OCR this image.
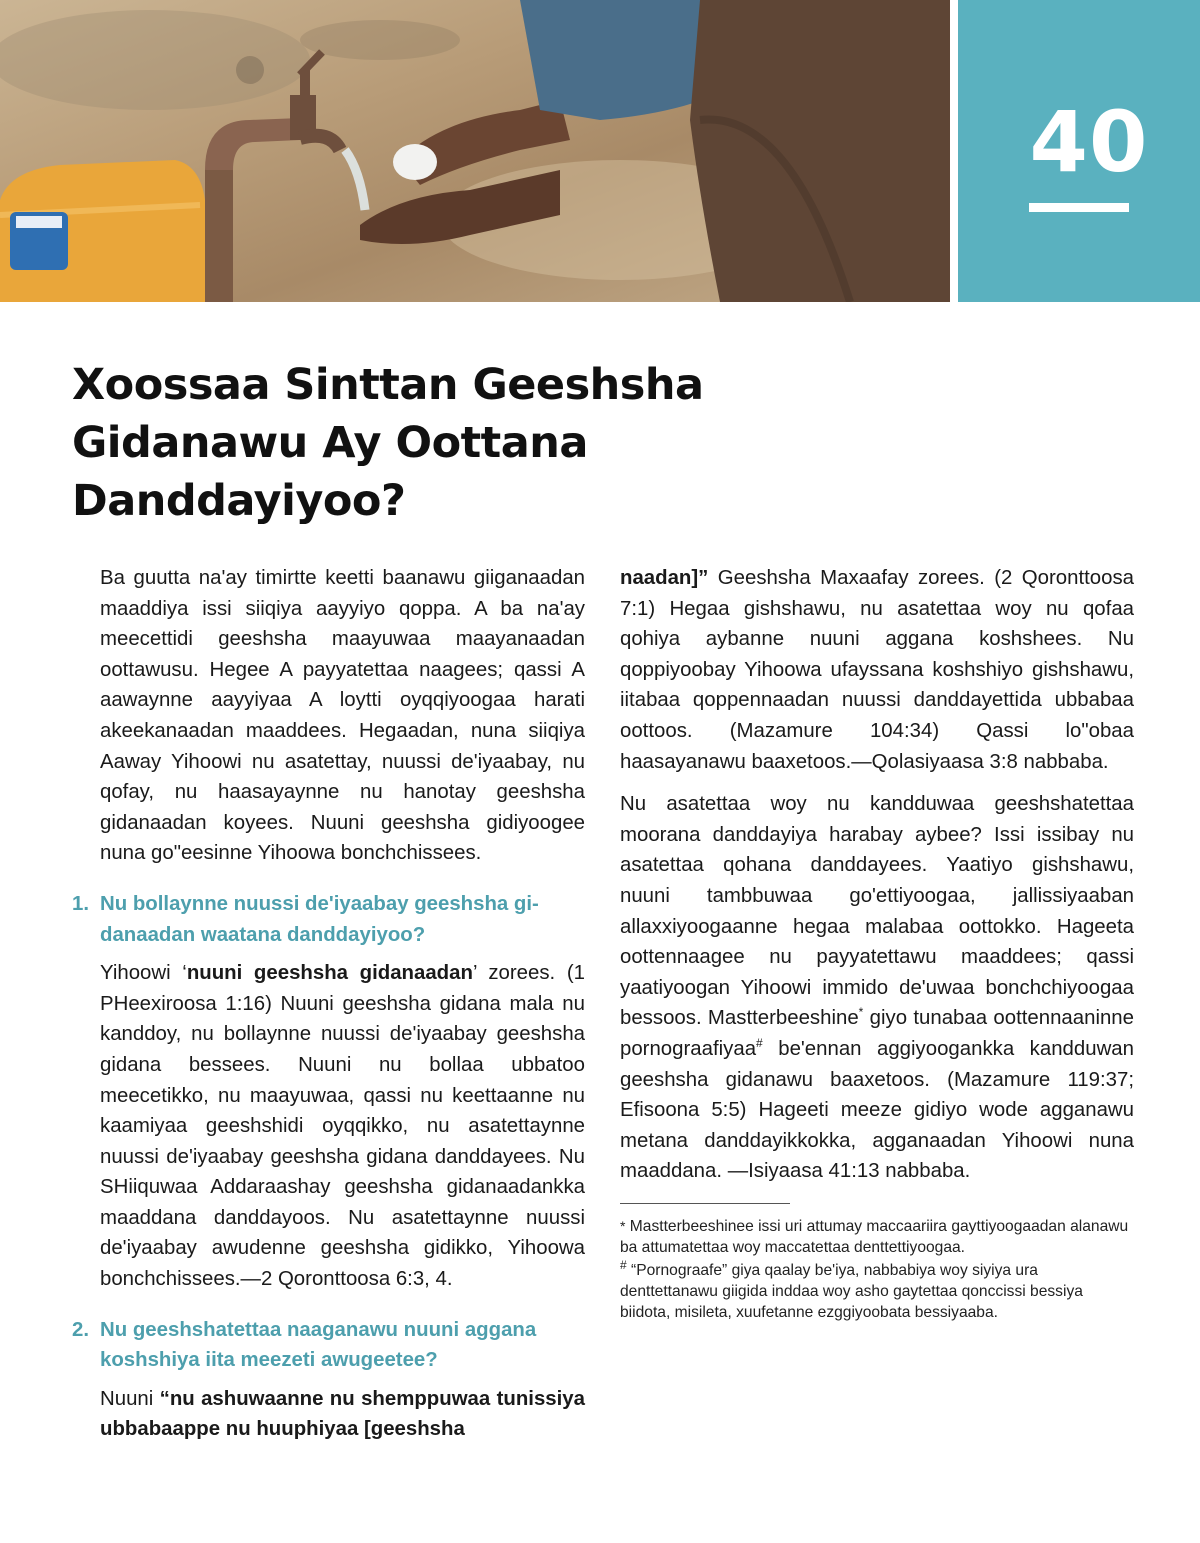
40
Xoossaa Sinttan Geeshsha
Gidanawu Ay Oottana
Danddayiyoo?

Ba guutta na'ay timirtte keetti baanawu giiganaadan maaddiya issi siiqiya aayyiyo qoppa. A ba na'ay meecettidi geeshsha maayuwaa maayanaadan oottawusu. Hegee A payyatettaa naagees; qassi A aawaynne aayyiyaa A loytti oyqqiyoogaa harati akeekanaadan maaddees. Hegaadan, nuna siiqiya Aaway Yihoowi nu asatettay, nuussi de'iyaabay, nu qofay, nu haasayaynne nu hanotay geeshsha gidanaadan koyees. Nuuni geeshsha gidiyoogee nuna go"eesinne Yihoowa bonchchissees.

1. Nu bollaynne nuussi de'iyaabay geeshsha gidanaadan waatana danddayiyoo?

Yihoowi ‘nuuni geeshsha gidanaadan’ zorees. (1 PHeexiroosa 1:16) Nuuni geeshsha gidana mala nu kanddoy, nu bollaynne nuussi de'iyaabay geeshsha gidana bessees. Nuuni nu bollaa ubbatoo meecetikko, nu maayuwaa, qassi nu keettaanne nu kaamiyaa geeshshidi oyqqikko, nu asatettaynne nuussi de'iyaabay geeshsha gidana danddayees. Nu SHiiquwaa Addaraashay geeshsha gidanaadankka maaddana danddayoos. Nu asatettaynne nuussi de'iyaabay awudenne geeshsha gidikko, Yihoowa bonchchissees.—2 Qoronttoosa 6:3, 4.

2. Nu geeshshatettaa naaganawu nuuni aggana koshshiya iita meezeti awugeetee?

Nuuni “nu ashuwaanne nu shemppuwaa tunissiya ubbabaappe nu huuphiyaa [geeshsha

naadan]” Geeshsha Maxaafay zorees. (2 Qoronttoosa 7:1) Hegaa gishshawu, nu asatettaa woy nu qofaa qohiya aybanne nuuni aggana koshshees. Nu qoppiyoobay Yihoowa ufayssana koshshiyo gishshawu, iitabaa qoppennaadan nuussi danddayettida ubbabaa oottoos. (Mazamure 104:34) Qassi lo"obaa haasayanawu baaxetoos.—Qolasiyaasa 3:8 nabbaba.

Nu asatettaa woy nu kandduwaa geeshshatettaa moorana danddayiya harabay aybee? Issi issibay nu asatettaa qohana danddayees. Yaatiyo gishshawu, nuuni tambbuwaa go'ettiyoogaa, jallissiyaaban allaxxiyoogaanne hegaa malabaa oottokko. Hageeta oottennaagee nu payyatettawu maaddees; qassi yaatiyoogan Yihoowi immido de'uwaa bonchchiyoogaa bessoos. Mastterbeeshine* giyo tunabaa oottennaaninne pornograafiyaa# be'ennan aggiyoogankka kandduwan geeshsha gidanawu baaxetoos. (Mazamure 119:37; Efisoona 5:5) Hageeti meeze gidiyo wode agganawu metana danddayikkokka, agganaadan Yihoowi nuna maaddana. —Isiyaasa 41:13 nabbaba.

* Mastterbeeshinee issi uri attumay maccaariira gayttiyoogaadan alanawu ba attumatettaa woy maccatettaa denttettiyoogaa.

# “Pornograafe” giya qaalay be'iya, nabbabiya woy siyiya ura denttettanawu giigida inddaa woy asho gaytettaa qonccissi bessiya biidota, misileta, xuufetanne ezggiyoobata bessiyaaba.
